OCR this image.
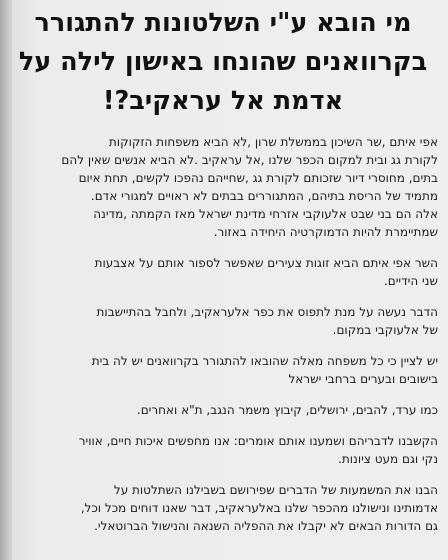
מי הובא ע"י השלטונות להתגורר
בקרוואנים שהונחו באישון לילה על
אדמת אל עראקיב?!

אפי איתם ,שר השיכון בממשלת שרון ,לא הביא משפחות הזקוקות
לקורת גג ובית למקום הכפר שלנו ,אל עראקיב .לא הביא אנשים שאין להם
בתים, מחוסרי דיור שזכותם לקורת גג ,שחייהם נהפכו לקשים, תחת איום
מתמיד של הריסת בתיהם, המתגוררים בבתים לא ראויים למגורי אדם.
אלה הם בני שבט אלעוקבי אזרחי מדינת ישראל מאז הקמתה ,מדינה
שמתיימרת להיות הדמוקרטיה היחידה באזור.

השר אפי איתם הביא זוגות צעירים שאפשר לספור אותם על אצבעות
שני הידיים.

הדבר נעשה על מנת לתפוס את כפר אלעראקיב, ולחבל בהתיישבות
של אלעוקבי במקום.

יש לציין כי כל משפחה מאלה שהובאו להתגורר בקרוואנים יש לה בית
בישובים ובערים ברחבי ישראל

כמו ערד, להבים, ירושלים, קיבוץ משמר הנגב, ת"א ואחרים.

הקשבנו לדבריהם ושמענו אותם אומרים: אנו מחפשים איכות חיים, אוויר
נקי וגם מעט ציונות.

הבנו את המשמעות של הדברים שפירושם בשבילנו השתלטות על
אדמותינו ונישולנו מהכפר שלנו באלעראקיב, דבר שאנו דוחים מכל וכל,
גם הדורות הבאים לא יקבלו את ההפליה השנאה והנישול הברוטאלי.
